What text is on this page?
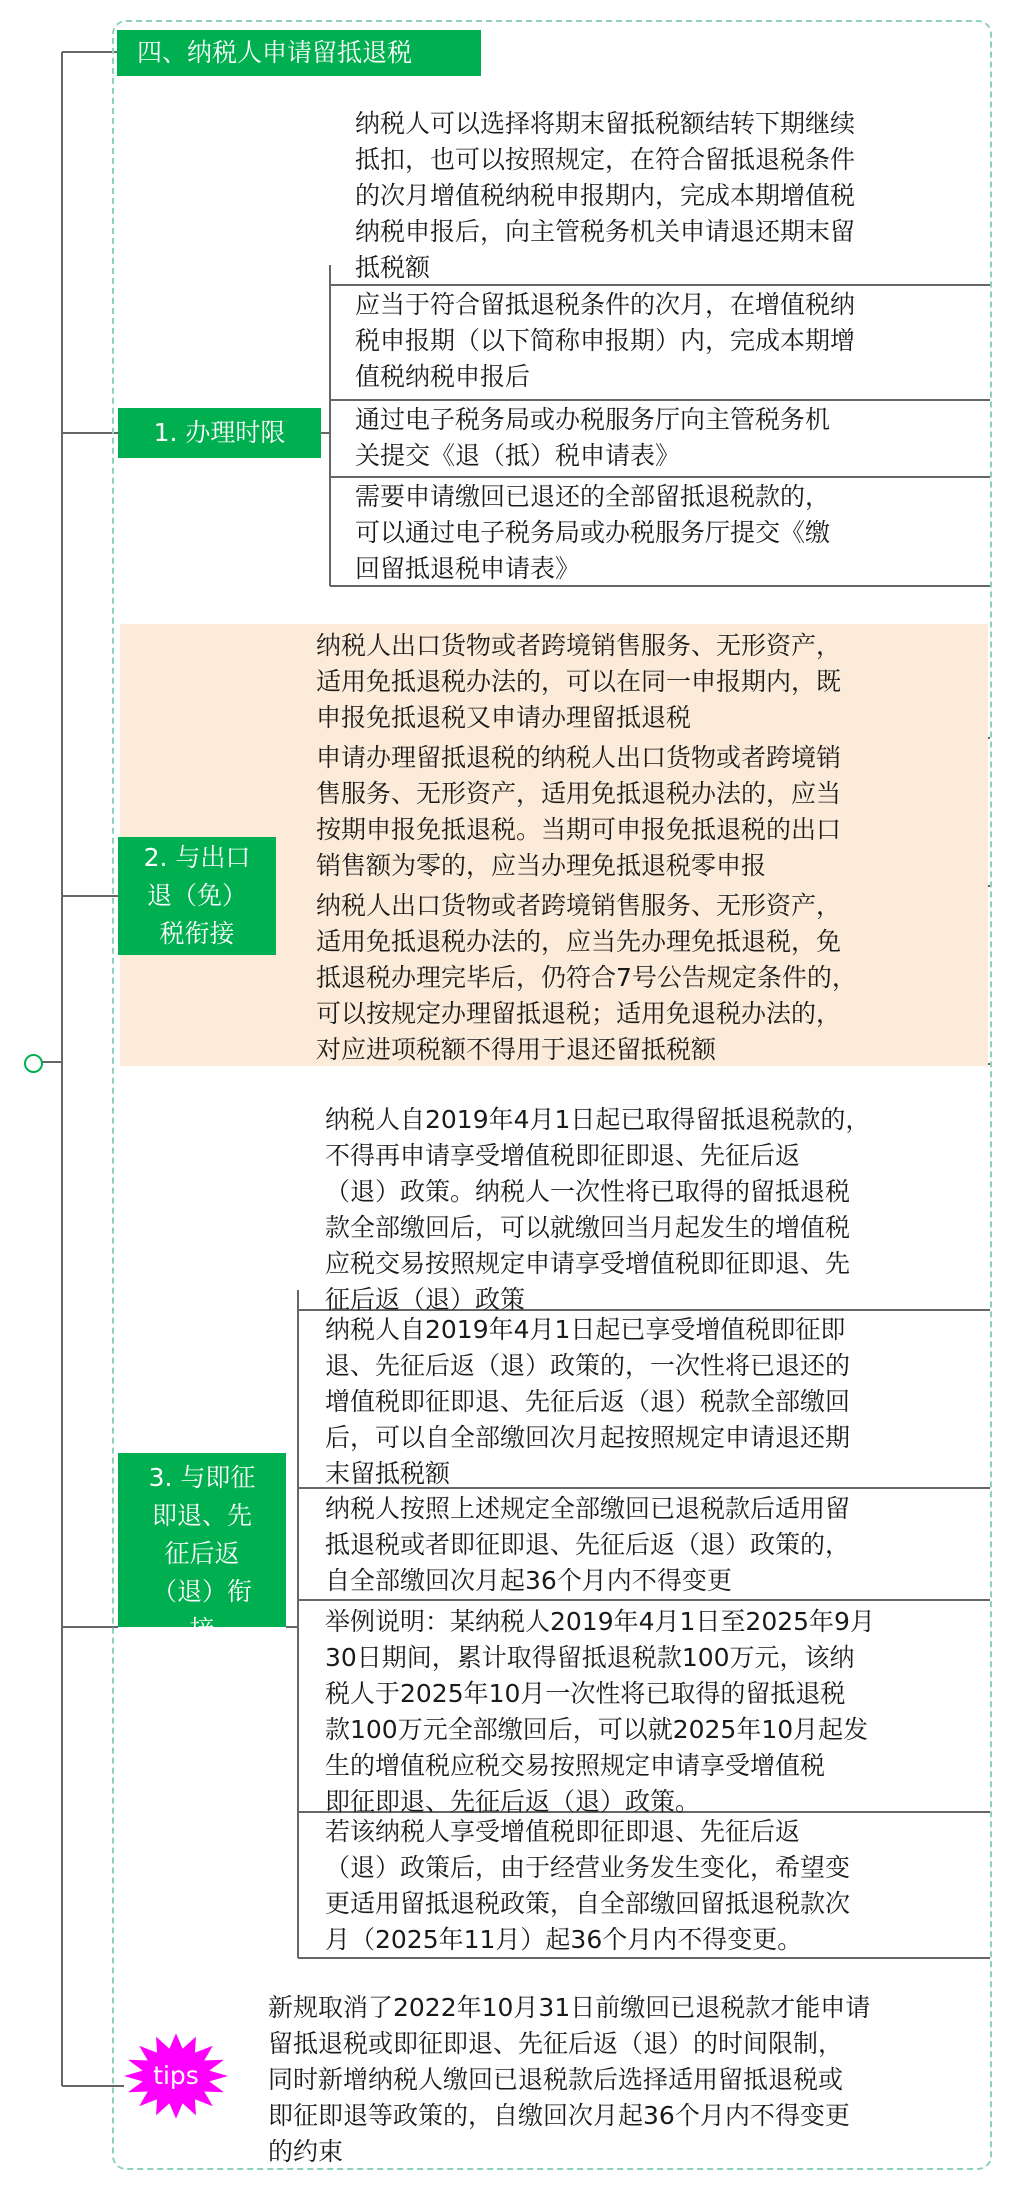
四、纳税人申请留抵退税
1. 办理时限
2. 与出口
退（免）
税衔接
3. 与即征
即退、先
征后返
（退）衔
接
纳税人可以选择将期末留抵税额结转下期继续
抵扣，也可以按照规定，在符合留抵退税条件
的次月增值税纳税申报期内，完成本期增值税
纳税申报后，向主管税务机关申请退还期末留
抵税额
应当于符合留抵退税条件的次月，在增值税纳
税申报期（以下简称申报期）内，完成本期增
值税纳税申报后
通过电子税务局或办税服务厅向主管税务机
关提交《退（抵）税申请表》
需要申请缴回已退还的全部留抵退税款的，
可以通过电子税务局或办税服务厅提交《缴
回留抵退税申请表》
纳税人出口货物或者跨境销售服务、无形资产，
适用免抵退税办法的，可以在同一申报期内，既
申报免抵退税又申请办理留抵退税
申请办理留抵退税的纳税人出口货物或者跨境销
售服务、无形资产，适用免抵退税办法的，应当
按期申报免抵退税。当期可申报免抵退税的出口
销售额为零的，应当办理免抵退税零申报
纳税人出口货物或者跨境销售服务、无形资产，
适用免抵退税办法的，应当先办理免抵退税，免
抵退税办理完毕后，仍符合7号公告规定条件的，
可以按规定办理留抵退税；适用免退税办法的，
对应进项税额不得用于退还留抵税额
纳税人自2019年4月1日起已取得留抵退税款的，
不得再申请享受增值税即征即退、先征后返
（退）政策。纳税人一次性将已取得的留抵退税
款全部缴回后，可以就缴回当月起发生的增值税
应税交易按照规定申请享受增值税即征即退、先
征后返（退）政策
纳税人自2019年4月1日起已享受增值税即征即
退、先征后返（退）政策的，一次性将已退还的
增值税即征即退、先征后返（退）税款全部缴回
后，可以自全部缴回次月起按照规定申请退还期
末留抵税额
纳税人按照上述规定全部缴回已退税款后适用留
抵退税或者即征即退、先征后返（退）政策的，
自全部缴回次月起36个月内不得变更
举例说明：某纳税人2019年4月1日至2025年9月
30日期间，累计取得留抵退税款100万元，该纳
税人于2025年10月一次性将已取得的留抵退税
款100万元全部缴回后，可以就2025年10月起发
生的增值税应税交易按照规定申请享受增值税
即征即退、先征后返（退）政策。
若该纳税人享受增值税即征即退、先征后返
（退）政策后，由于经营业务发生变化，希望变
更适用留抵退税政策，自全部缴回留抵退税款次
月（2025年11月）起36个月内不得变更。
tips
新规取消了2022年10月31日前缴回已退税款才能申请
留抵退税或即征即退、先征后返（退）的时间限制，
同时新增纳税人缴回已退税款后选择适用留抵退税或
即征即退等政策的，自缴回次月起36个月内不得变更
的约束
